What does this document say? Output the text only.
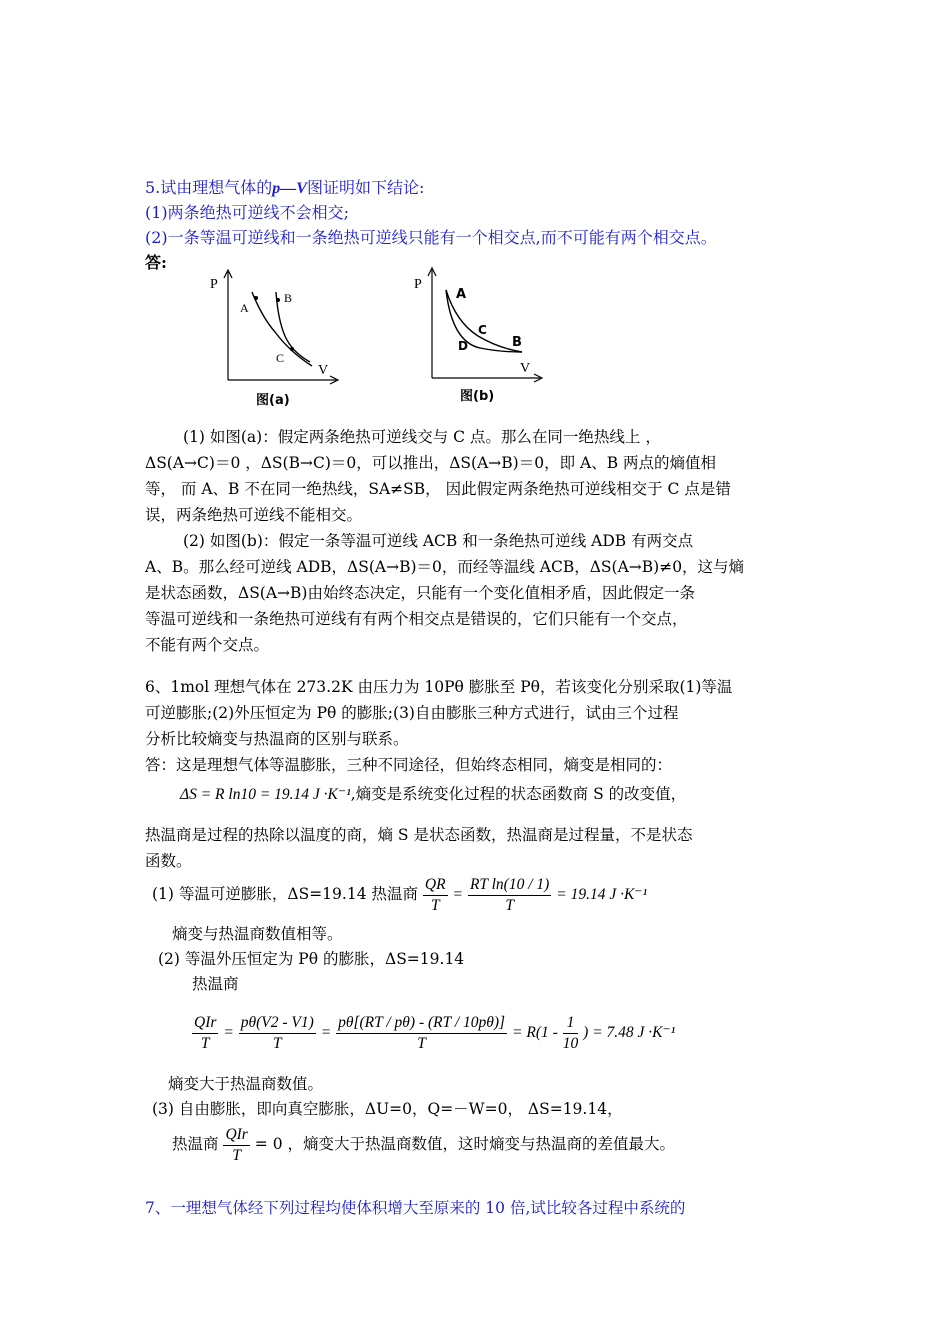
5.试由理想气体的p—V图证明如下结论:
(1)两条绝热可逆线不会相交;
(2)一条等温可逆线和一条绝热可逆线只能有一个相交点,而不可能有两个相交点。
答:
P
A
B
C
V
图(a)
P
A
C
D	B
V
图(b)
(1) 如图(a)：假定两条绝热可逆线交与 C 点。那么在同一绝热线上 ，
ΔS(A→C)＝0 ，ΔS(B→C)＝0，可以推出，ΔS(A→B)＝0，即 A、B 两点的熵值相
等， 而 A、B 不在同一绝热线，SA≠SB， 因此假定两条绝热可逆线相交于 C 点是错
误，两条绝热可逆线不能相交。
(2) 如图(b)：假定一条等温可逆线 ACB 和一条绝热可逆线 ADB 有两交点
A、B。那么经可逆线 ADB，ΔS(A→B)＝0，而经等温线 ACB，ΔS(A→B)≠0，这与熵
是状态函数，ΔS(A→B)由始终态决定，只能有一个变化值相矛盾，因此假定一条
等温可逆线和一条绝热可逆线有有两个相交点是错误的，它们只能有一个交点，
不能有两个交点。
6、1mol 理想气体在 273.2K 由压力为 10Pθ 膨胀至 Pθ，若该变化分别采取(1)等温
可逆膨胀;(2)外压恒定为 Pθ 的膨胀;(3)自由膨胀三种方式进行，试由三个过程
分析比较熵变与热温商的区别与联系。
答：这是理想气体等温膨胀，三种不同途径，但始终态相同，熵变是相同的：
ΔS = R ln10 = 19.14 J ·K⁻¹,熵变是系统变化过程的状态函数商 S 的改变值，
热温商是过程的热除以温度的商，熵 S 是状态函数，热温商是过程量，不是状态
函数。
(1) 等温可逆膨胀，ΔS=19.14 热温商 $\frac{QR}{T} = \frac{\text{RT ln(10 / 1)}}{T} = 19.14$ J ·K⁻¹
熵变与热温商数值相等。
(2) 等温外压恒定为 Pθ 的膨胀，ΔS=19.14
热温商
$\frac{\text{QIr}}{T} = \frac{p\theta(V2 - V1)}{T} = \frac{p\theta[(RT / p\theta) - (RT / 10p\theta)]}{T} = R(1 - \frac{1}{10}$ ) = 7.48 J ·K⁻¹
熵变大于热温商数值。
(3) 自由膨胀，即向真空膨胀，ΔU=0，Q=－W=0， ΔS=19.14，
热温商 $\frac{\text{QIr}}{T} = 0$ ，熵变大于热温商数值，这时熵变与热温商的差值最大。
7、一理想气体经下列过程均使体积增大至原来的 10 倍,试比较各过程中系统的
